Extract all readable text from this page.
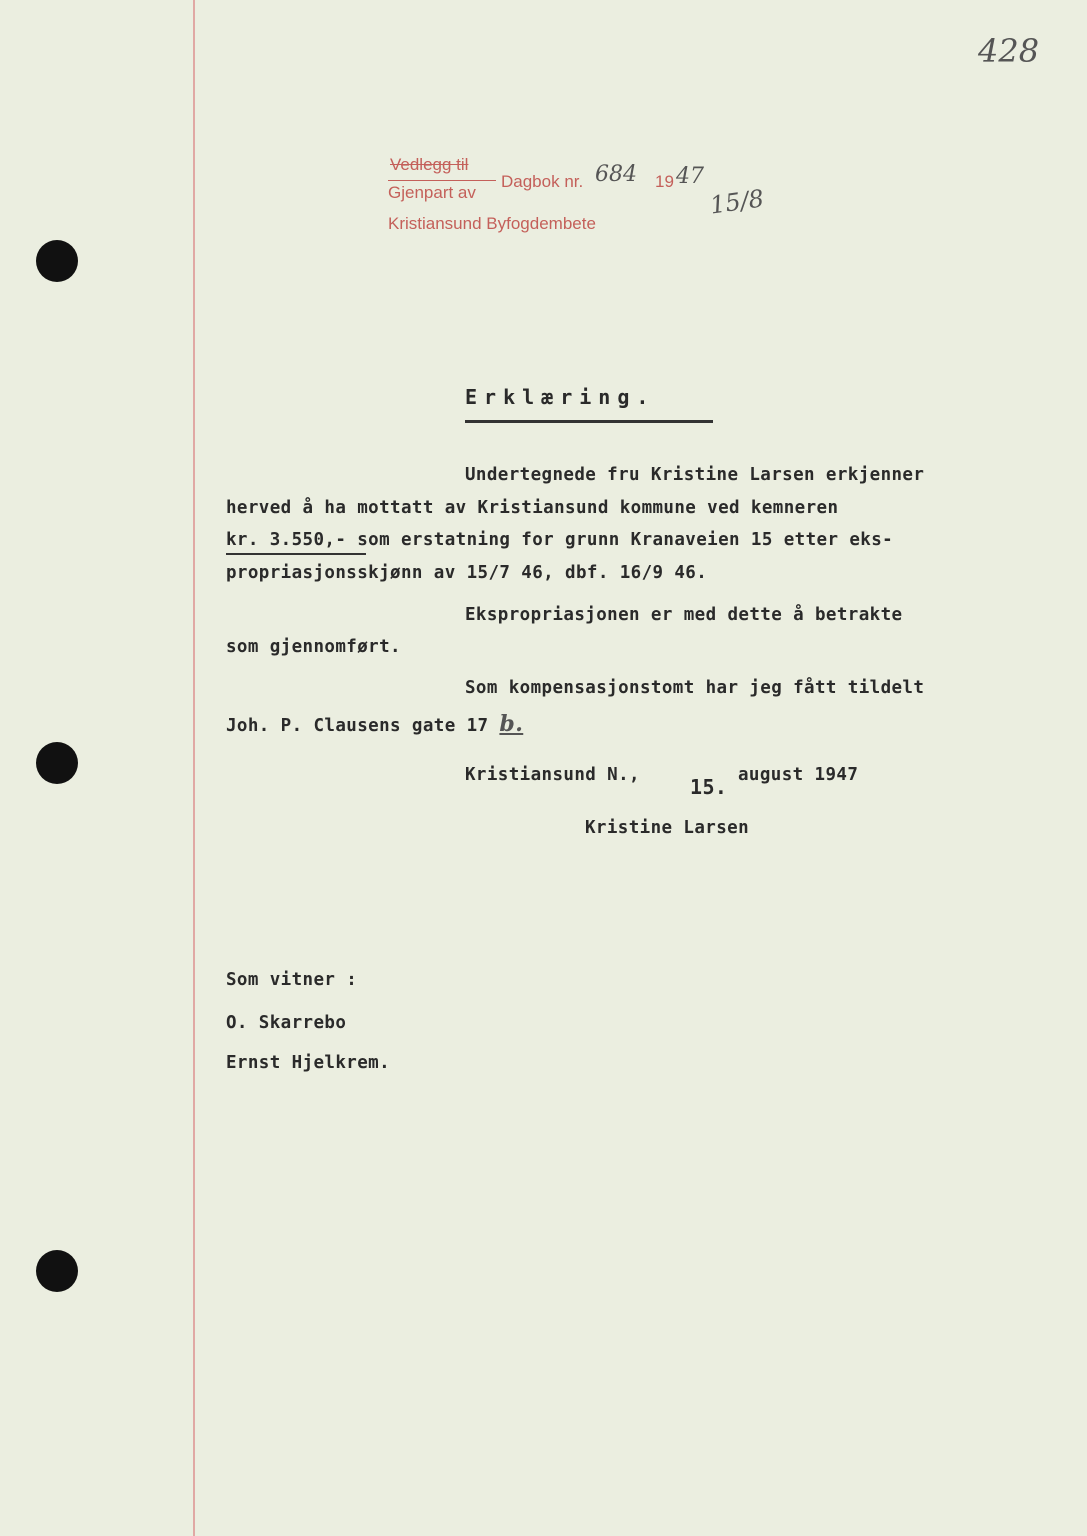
428
Vedlegg til
Gjenpart av
Dagbok nr. 684 19 47
15/8
Kristiansund Byfogdembete
Erklæring.
Undertegnede fru Kristine Larsen erkjenner
herved å ha mottatt av Kristiansund kommune ved kemneren
kr. 3.550,- som erstatning for grunn Kranaveien 15 etter eks-
propriasjonsskjønn av 15/7 46, dbf. 16/9 46.
Ekspropriasjonen er med dette å betrakte
som gjennomført.
Som kompensasjonstomt har jeg fått tildelt
Joh. P. Clausens gate 17 b.
Kristiansund N.,	15. august 1947
Kristine Larsen
Som vitner :
O. Skarrebo
Ernst Hjelkrem.
